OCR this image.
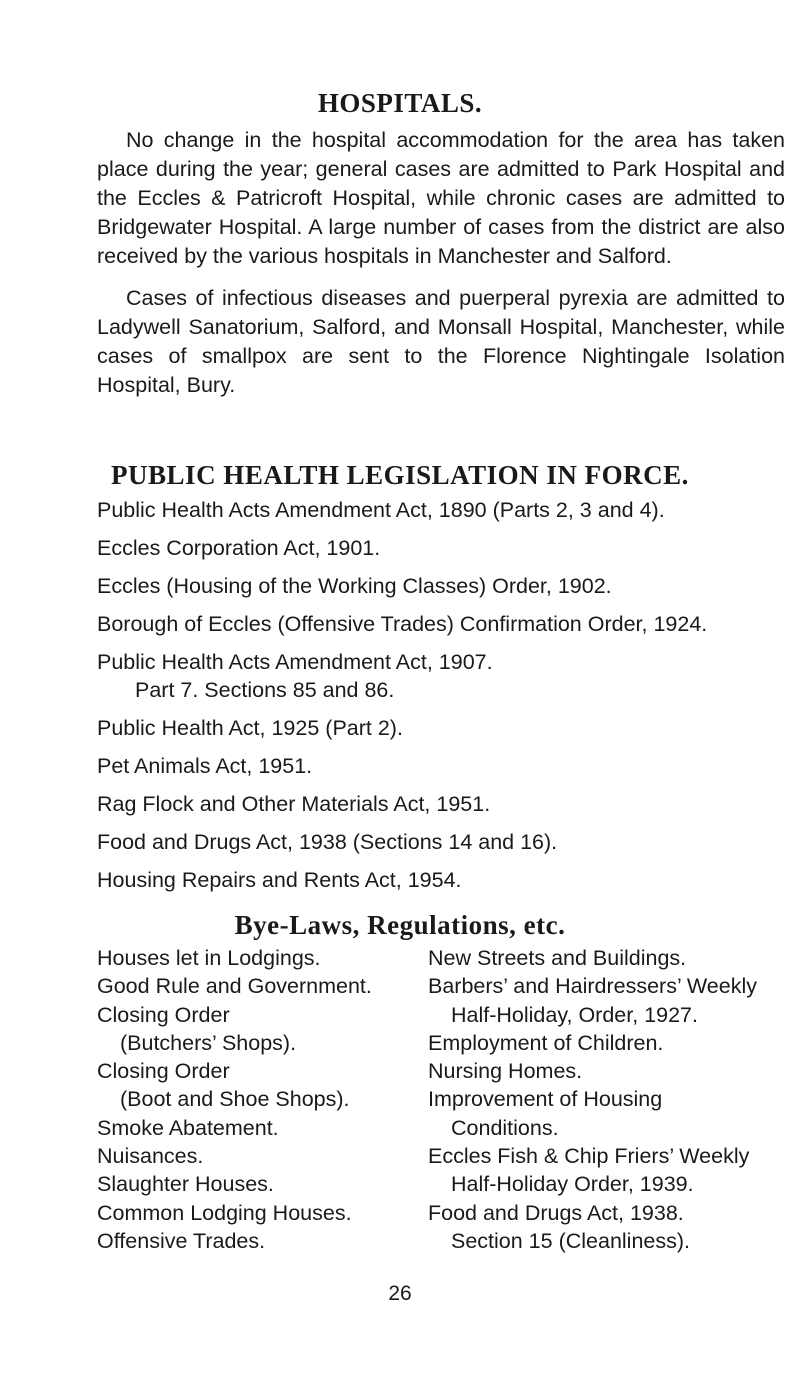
HOSPITALS.

No change in the hospital accommodation for the area has taken place during the year; general cases are admitted to Park Hospital and the Eccles & Patricroft Hospital, while chronic cases are admitted to Bridgewater Hospital. A large number of cases from the district are also received by the various hospitals in Manchester and Salford.

Cases of infectious diseases and puerperal pyrexia are admitted to Ladywell Sanatorium, Salford, and Monsall Hospital, Manchester, while cases of smallpox are sent to the Florence Nightingale Isolation Hospital, Bury.

PUBLIC HEALTH LEGISLATION IN FORCE.

Public Health Acts Amendment Act, 1890 (Parts 2, 3 and 4).

Eccles Corporation Act, 1901.

Eccles (Housing of the Working Classes) Order, 1902.

Borough of Eccles (Offensive Trades) Confirmation Order, 1924.

Public Health Acts Amendment Act, 1907.
Part 7. Sections 85 and 86.

Public Health Act, 1925 (Part 2).

Pet Animals Act, 1951.

Rag Flock and Other Materials Act, 1951.

Food and Drugs Act, 1938 (Sections 14 and 16).

Housing Repairs and Rents Act, 1954.

Bye-Laws, Regulations, etc.

Houses let in Lodgings.

Good Rule and Government.

Closing Order
(Butchers’ Shops).

Closing Order
(Boot and Shoe Shops).

Smoke Abatement.

Nuisances.

Slaughter Houses.

Common Lodging Houses.

Offensive Trades.

New Streets and Buildings.

Barbers’ and Hairdressers’ Weekly
Half-Holiday, Order, 1927.

Employment of Children.

Nursing Homes.

Improvement of Housing
Conditions.

Eccles Fish & Chip Friers’ Weekly
Half-Holiday Order, 1939.

Food and Drugs Act, 1938.
Section 15 (Cleanliness).

26
